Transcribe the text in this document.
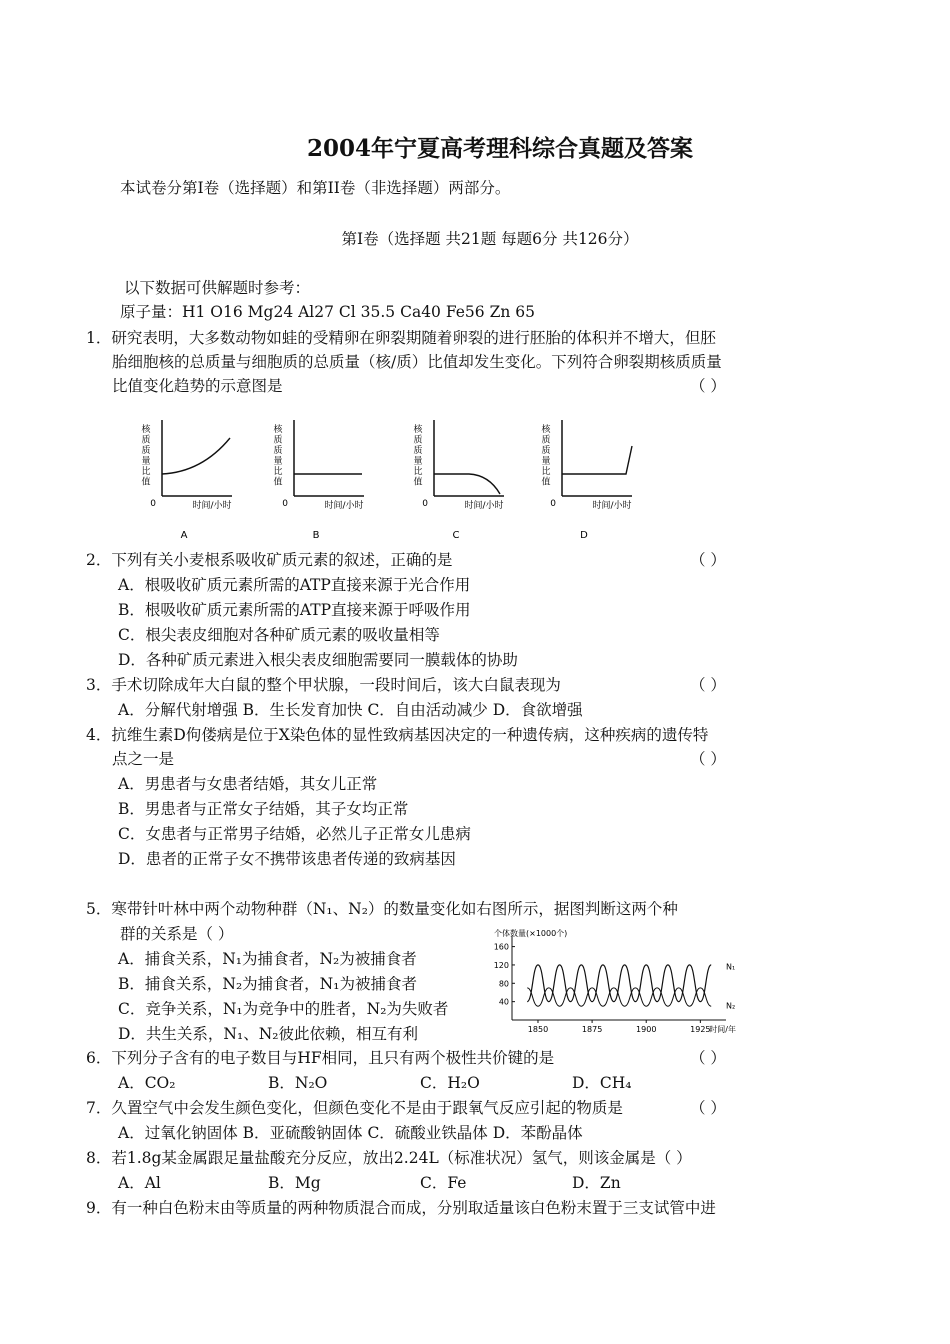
2004年宁夏高考理科综合真题及答案
本试卷分第I卷（选择题）和第II卷（非选择题）两部分。
第I卷（选择题 共21题 每题6分 共126分）
以下数据可供解题时参考：
原子量：H1 O16 Mg24 Al27 Cl 35.5 Ca40 Fe56 Zn 65
1．研究表明，大多数动物如蛙的受精卵在卵裂期随着卵裂的进行胚胎的体积并不增大，但胚
胎细胞核的总质量与细胞质的总质量（核/质）比值却发生变化。下列符合卵裂期核质质量
比值变化趋势的示意图是	（ ）
核
质
质
量
比
值
0	时间/小时
A
核
质
质
量
比
值
0	时间/小时
B
核
质
质
量
比
值
0	时间/小时
C
核
质
质
量
比
值
0	时间/小时
D
2．下列有关小麦根系吸收矿质元素的叙述，正确的是	（ ）
A．根吸收矿质元素所需的ATP直接来源于光合作用
B．根吸收矿质元素所需的ATP直接来源于呼吸作用
C．根尖表皮细胞对各种矿质元素的吸收量相等
D．各种矿质元素进入根尖表皮细胞需要同一膜载体的协助
3．手术切除成年大白鼠的整个甲状腺，一段时间后，该大白鼠表现为	（ ）
A．分解代射增强 B．生长发育加快 C．自由活动减少 D．食欲增强
4．抗维生素D佝偻病是位于X染色体的显性致病基因决定的一种遗传病，这种疾病的遗传特
点之一是	（ ）
A．男患者与女患者结婚，其女儿正常
B．男患者与正常女子结婚，其子女均正常
C．女患者与正常男子结婚，必然儿子正常女儿患病
D．患者的正常子女不携带该患者传递的致病基因
5．寒带针叶林中两个动物种群（N₁、N₂）的数量变化如右图所示，据图判断这两个种
群的关系是（ ）
A．捕食关系，N₁为捕食者，N₂为被捕食者
B．捕食关系，N₂为捕食者，N₁为被捕食者
C．竞争关系，N₁为竞争中的胜者，N₂为失败者
D．共生关系，N₁、N₂彼此依赖，相互有利
个体数量(×1000个)
40
80
120
160
1850	1875	1900	1925
时间/年
N₁
N₂
6．下列分子含有的电子数目与HF相同，且只有两个极性共价键的是	（ ）
A．CO₂	B．N₂O	C．H₂O	D．CH₄
7．久置空气中会发生颜色变化，但颜色变化不是由于跟氧气反应引起的物质是	（ ）
A．过氧化钠固体 B．亚硫酸钠固体 C．硫酸业铁晶体 D．苯酚晶体
8．若1.8g某金属跟足量盐酸充分反应，放出2.24L（标准状况）氢气，则该金属是（ ）
A．Al	B．Mg	C．Fe	D．Zn
9．有一种白色粉末由等质量的两种物质混合而成，分别取适量该白色粉末置于三支试管中进
